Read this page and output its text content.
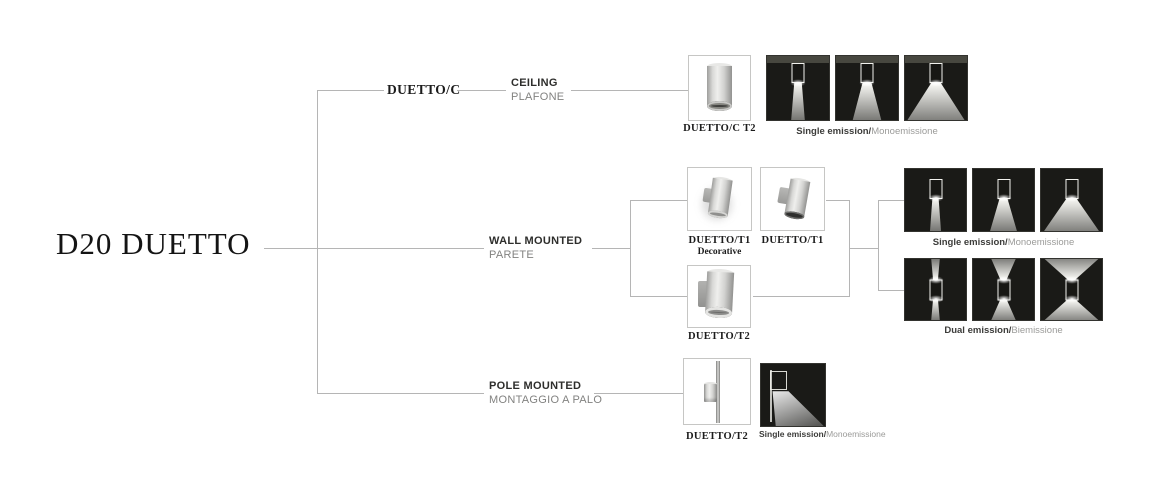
D20 DUETTO
DUETTO/C	CEILING
PLAFONE
WALL MOUNTED
PARETE
POLE MOUNTED
MONTAGGIO A PALO
DUETTO/C T2	Single emission/Monoemissione
DUETTO/T1
Decorative
DUETTO/T1
DUETTO/T2
Single emission/Monoemissione
Dual emission/Biemissione
DUETTO/T2	Single emission/Monoemissione
